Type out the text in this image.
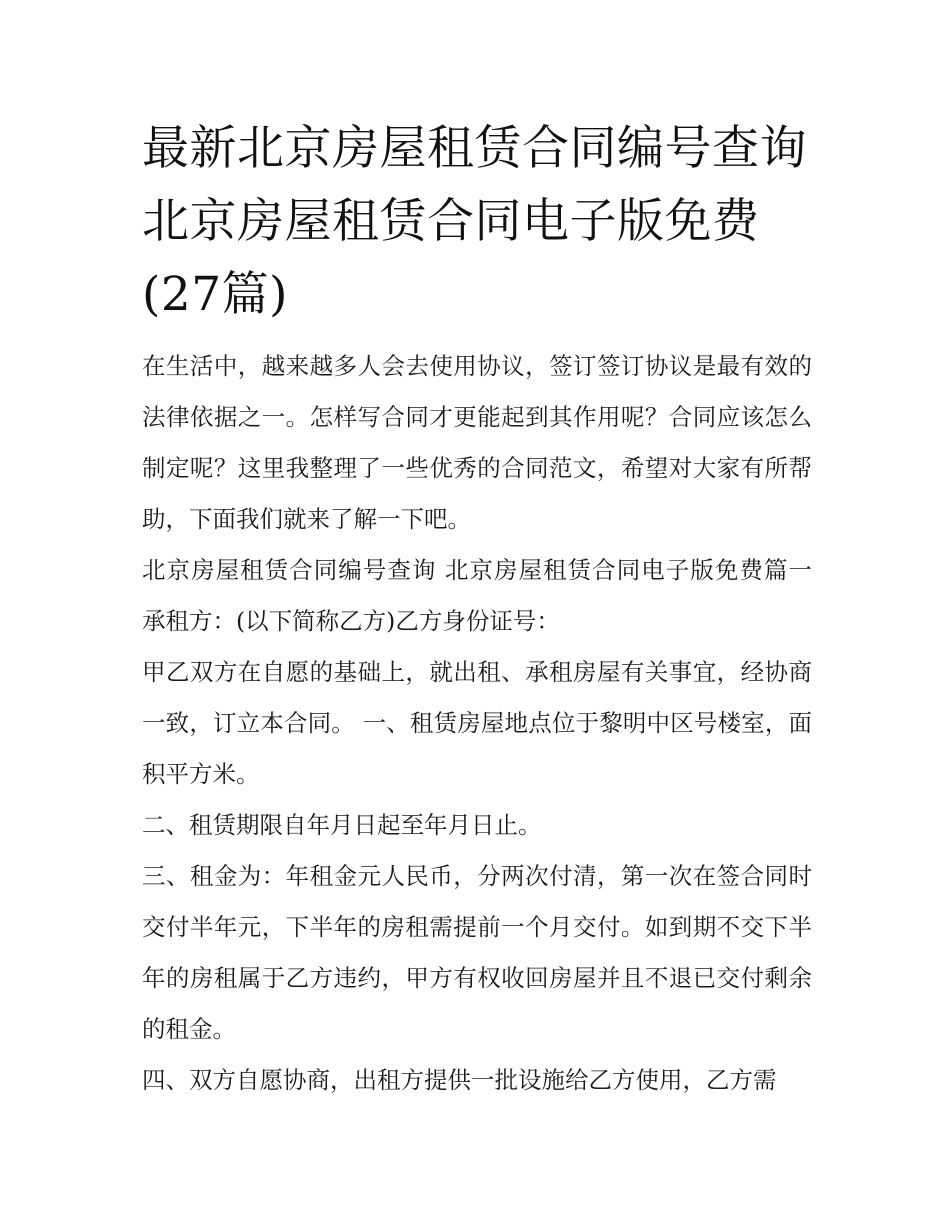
最新北京房屋租赁合同编号查询 北京房屋租赁合同电子版免费(27篇)

在生活中，越来越多人会去使用协议，签订签订协议是最有效的法律依据之一。怎样写合同才更能起到其作用呢？合同应该怎么制定呢？这里我整理了一些优秀的合同范文，希望对大家有所帮助，下面我们就来了解一下吧。

北京房屋租赁合同编号查询 北京房屋租赁合同电子版免费篇一 承租方：(以下简称乙方)乙方身份证号：

甲乙双方在自愿的基础上，就出租、承租房屋有关事宜，经协商一致，订立本合同。 一、租赁房屋地点位于黎明中区号楼室，面积平方米。

二、租赁期限自年月日起至年月日止。

三、租金为：年租金元人民币，分两次付清，第一次在签合同时交付半年元，下半年的房租需提前一个月交付。如到期不交下半年的房租属于乙方违约，甲方有权收回房屋并且不退已交付剩余的租金。

四、双方自愿协商，出租方提供一批设施给乙方使用，乙方需
